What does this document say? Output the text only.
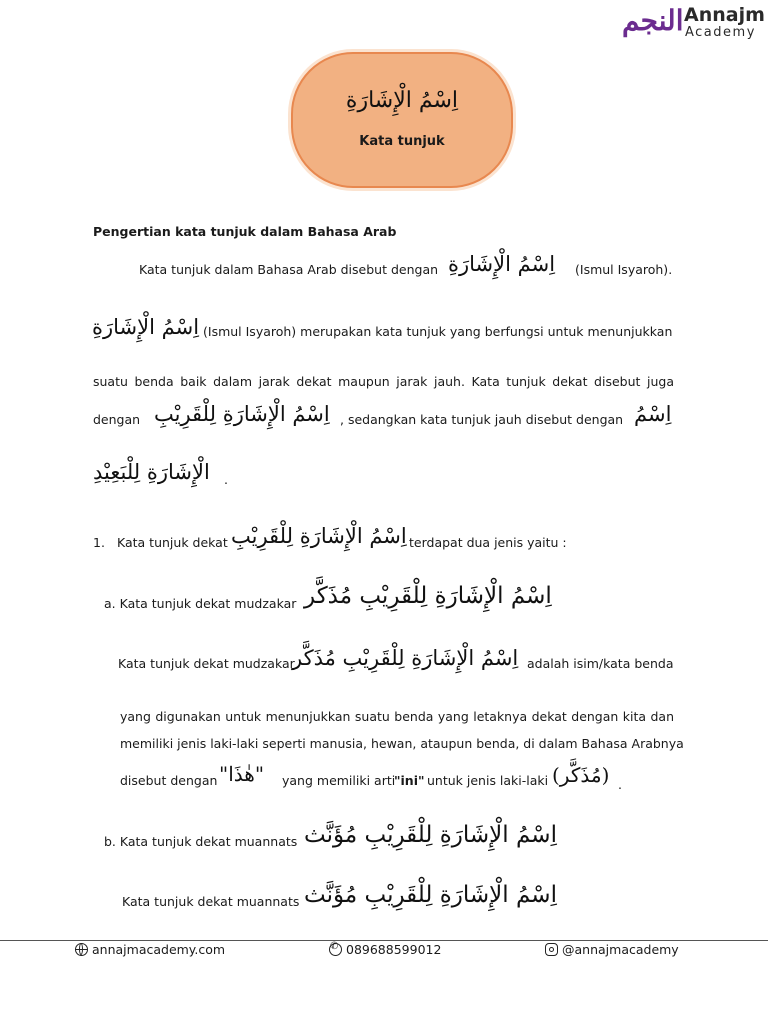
النجم Annajm
Academy
اِسْمُ الْإِشَارَةِ
Kata tunjuk
Pengertian kata tunjuk dalam Bahasa Arab
Kata tunjuk dalam Bahasa Arab disebut dengan اِسْمُ الْإِشَارَةِ (Ismul Isyaroh).
اِسْمُ الْإِشَارَةِ (Ismul Isyaroh) merupakan kata tunjuk yang berfungsi untuk menunjukkan
suatu benda baik dalam jarak dekat maupun jarak jauh. Kata tunjuk dekat disebut juga
dengan اِسْمُ الْإِشَارَةِ لِلْقَرِيْبِ , sedangkan kata tunjuk jauh disebut dengan اِسْمُ
الْإِشَارَةِ لِلْبَعِيْدِ .
1. Kata tunjuk dekat اِسْمُ الْإِشَارَةِ لِلْقَرِيْبِ terdapat dua jenis yaitu :
a. Kata tunjuk dekat mudzakar اِسْمُ الْإِشَارَةِ لِلْقَرِيْبِ مُذَكَّر
Kata tunjuk dekat mudzakar
اِسْمُ الْإِشَارَةِ لِلْقَرِيْبِ مُذَكَّر adalah isim/kata benda
yang digunakan untuk menunjukkan suatu benda yang letaknya dekat dengan kita dan
memiliki jenis laki-laki seperti manusia, hewan, ataupun benda, di dalam Bahasa Arabnya
disebut dengan "هٰذَا" yang memiliki arti
"ini" untuk jenis laki-laki (مُذَكَّر) .
b. Kata tunjuk dekat muannats اِسْمُ الْإِشَارَةِ لِلْقَرِيْبِ مُؤَنَّث
Kata tunjuk dekat muannats اِسْمُ الْإِشَارَةِ لِلْقَرِيْبِ مُؤَنَّث
annajmacademy.com
✆	089688599012	@annajmacademy
